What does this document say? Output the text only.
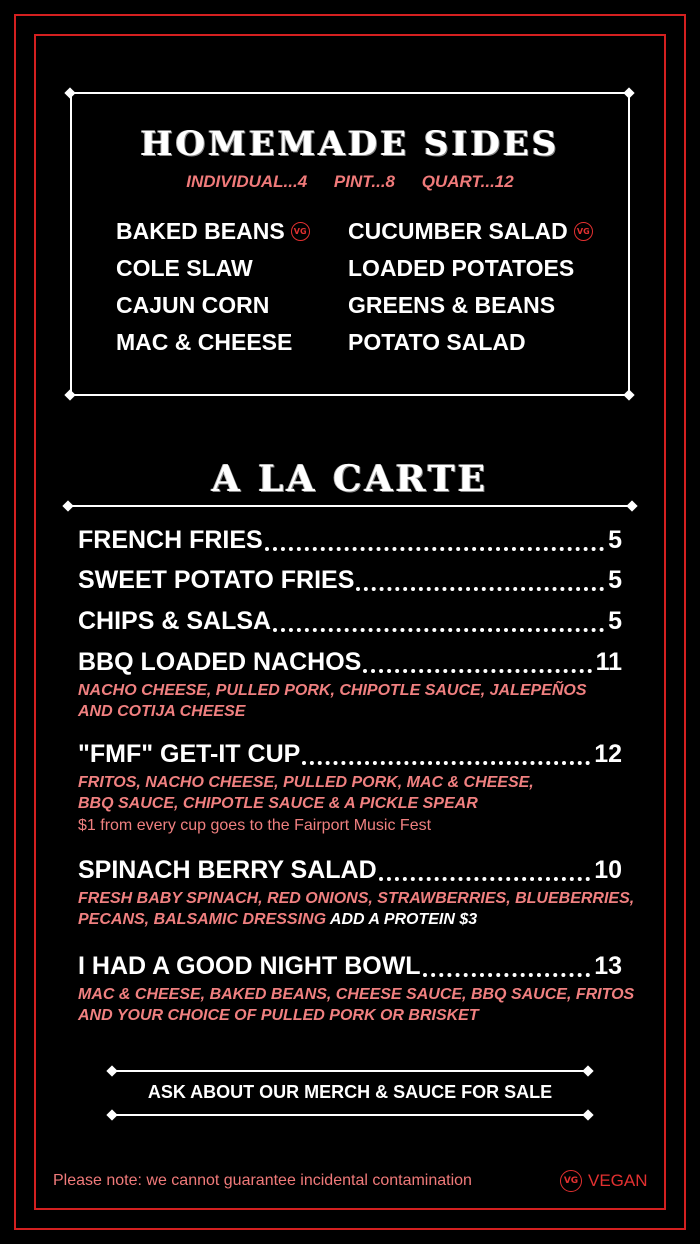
HOMEMADE SIDES
INDIVIDUAL...4 PINT...8 QUART...12
BAKED BEANS	VG
COLE SLAW
CAJUN CORN
MAC & CHEESE
CUCUMBER SALAD	VG
LOADED POTATOES
GREENS & BEANS
POTATO SALAD
A LA CARTE
FRENCH FRIES	5
SWEET POTATO FRIES	5
CHIPS & SALSA	5
BBQ LOADED NACHOS	11
NACHO CHEESE, PULLED PORK, CHIPOTLE SAUCE, JALEPEÑOS
AND COTIJA CHEESE
"FMF" GET-IT CUP	12
FRITOS, NACHO CHEESE, PULLED PORK, MAC & CHEESE,
BBQ SAUCE, CHIPOTLE SAUCE & A PICKLE SPEAR
$1 from every cup goes to the Fairport Music Fest
SPINACH BERRY SALAD	10
FRESH BABY SPINACH, RED ONIONS, STRAWBERRIES, BLUEBERRIES,
PECANS, BALSAMIC DRESSING ADD A PROTEIN $3
I HAD A GOOD NIGHT BOWL	13
MAC & CHEESE, BAKED BEANS, CHEESE SAUCE, BBQ SAUCE, FRITOS
AND YOUR CHOICE OF PULLED PORK OR BRISKET
ASK ABOUT OUR MERCH & SAUCE FOR SALE
Please note: we cannot guarantee incidental contamination	VG VEGAN
